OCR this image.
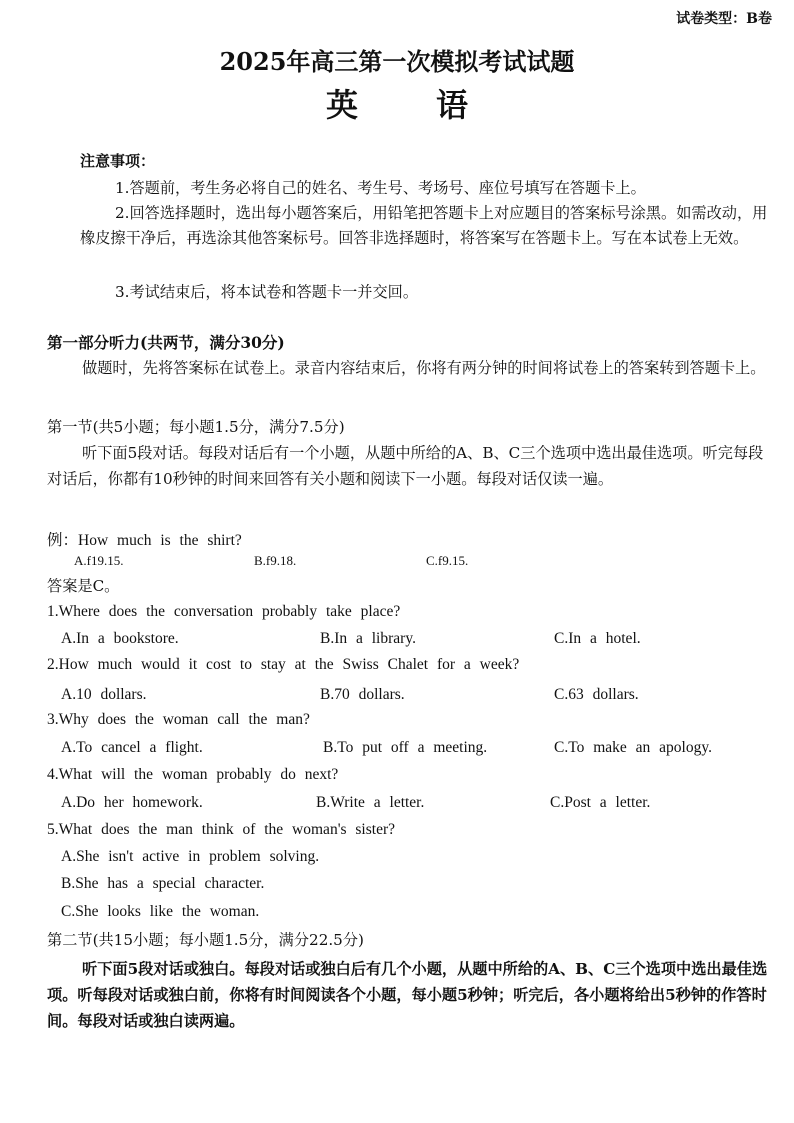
试卷类型：B卷
2025年高三第一次模拟考试试题
英语
注意事项：
1.答题前，考生务必将自己的姓名、考生号、考场号、座位号填写在答题卡上。
2.回答选择题时，选出每小题答案后，用铅笔把答题卡上对应题目的答案标号涂黑。如需改动，用橡皮擦干净后，再选涂其他答案标号。回答非选择题时，将答案写在答题卡上。写在本试卷上无效。
3.考试结束后，将本试卷和答题卡一并交回。
第一部分听力(共两节，满分30分)
做题时，先将答案标在试卷上。录音内容结束后，你将有两分钟的时间将试卷上的答案转到答题卡上。
第一节(共5小题；每小题1.5分，满分7.5分)
听下面5段对话。每段对话后有一个小题，从题中所给的A、B、C三个选项中选出最佳选项。听完每段对话后，你都有10秒钟的时间来回答有关小题和阅读下一小题。每段对话仅读一遍。
例：How much is the shirt?
A.f19.15.	B.f9.18.	C.f9.15.
答案是C。
1.Where does the conversation probably take place?
A.In a bookstore.	B.In a library.	C.In a hotel.
2.How much would it cost to stay at the Swiss Chalet for a week?
A.10 dollars.	B.70 dollars.	C.63 dollars.
3.Why does the woman call the man?
A.To cancel a flight.	B.To put off a meeting.	C.To make an apology.
4.What will the woman probably do next?
A.Do her homework.	B.Write a letter.	C.Post a letter.
5.What does the man think of the woman's sister?
A.She isn't active in problem solving.
B.She has a special character.
C.She looks like the woman.
第二节(共15小题；每小题1.5分，满分22.5分)
听下面5段对话或独白。每段对话或独白后有几个小题，从题中所给的A、B、C三个选项中选出最佳选项。听每段对话或独白前，你将有时间阅读各个小题，每小题5秒钟；听完后，各小题将给出5秒钟的作答时间。每段对话或独白读两遍。
